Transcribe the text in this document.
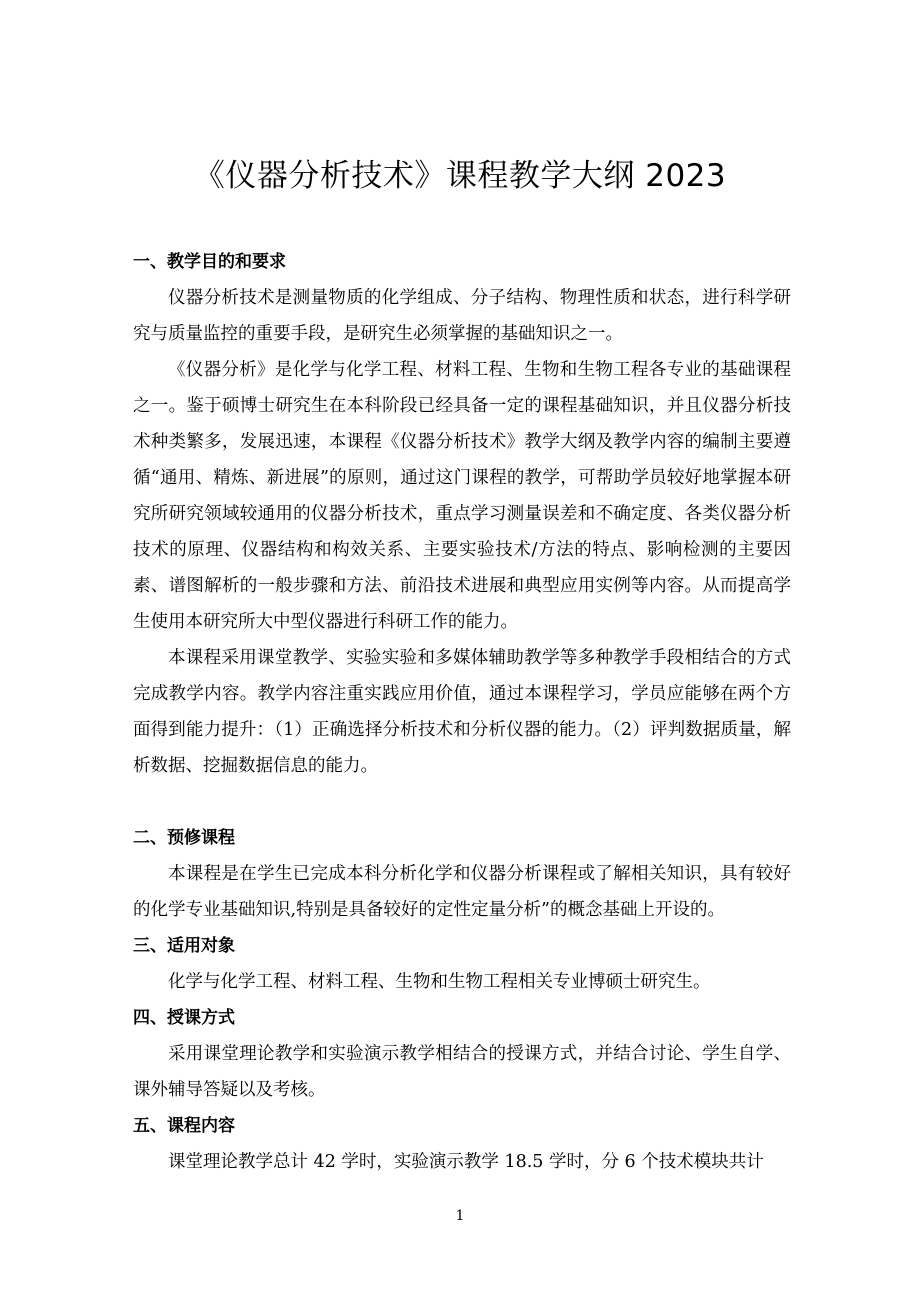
《仪器分析技术》课程教学大纲 2023
一、教学目的和要求

仪器分析技术是测量物质的化学组成、分子结构、物理性质和状态，进行科学研究与质量监控的重要手段，是研究生必须掌握的基础知识之一。

《仪器分析》是化学与化学工程、材料工程、生物和生物工程各专业的基础课程之一。鉴于硕博士研究生在本科阶段已经具备一定的课程基础知识，并且仪器分析技术种类繁多，发展迅速，本课程《仪器分析技术》教学大纲及教学内容的编制主要遵循“通用、精炼、新进展”的原则，通过这门课程的教学，可帮助学员较好地掌握本研究所研究领域较通用的仪器分析技术，重点学习测量误差和不确定度、各类仪器分析技术的原理、仪器结构和构效关系、主要实验技术/方法的特点、影响检测的主要因素、谱图解析的一般步骤和方法、前沿技术进展和典型应用实例等内容。从而提高学生使用本研究所大中型仪器进行科研工作的能力。

本课程采用课堂教学、实验实验和多媒体辅助教学等多种教学手段相结合的方式完成教学内容。教学内容注重实践应用价值，通过本课程学习，学员应能够在两个方面得到能力提升：（1）正确选择分析技术和分析仪器的能力。（2）评判数据质量，解析数据、挖掘数据信息的能力。

二、预修课程

本课程是在学生已完成本科分析化学和仪器分析课程或了解相关知识，具有较好的化学专业基础知识,特别是具备较好的定性定量分析”的概念基础上开设的。

三、适用对象

化学与化学工程、材料工程、生物和生物工程相关专业博硕士研究生。

四、授课方式

采用课堂理论教学和实验演示教学相结合的授课方式，并结合讨论、学生自学、课外辅导答疑以及考核。

五、课程内容

课堂理论教学总计 42 学时，实验演示教学 18.5 学时，分 6 个技术模块共计

1
